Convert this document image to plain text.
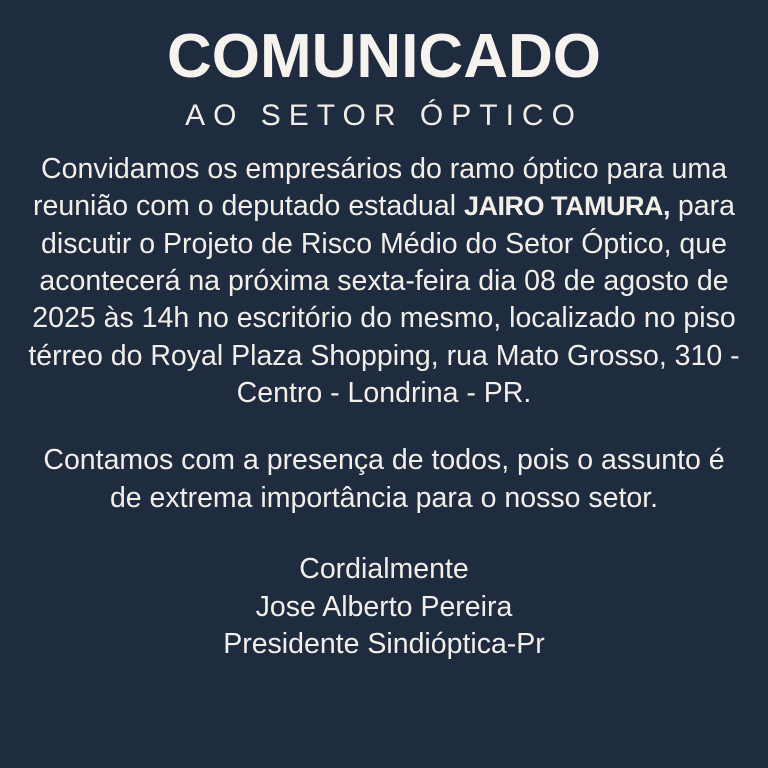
COMUNICADO
AO SETOR ÓPTICO
Convidamos os empresários do ramo óptico para uma reunião com o deputado estadual JAIRO TAMURA, para discutir o Projeto de Risco Médio do Setor Óptico, que acontecerá na próxima sexta-feira dia 08 de agosto de 2025 às 14h no escritório do mesmo, localizado no piso térreo do Royal Plaza Shopping, rua Mato Grosso, 310 - Centro - Londrina - PR.
Contamos com a presença de todos, pois o assunto é de extrema importância para o nosso setor.
Cordialmente
Jose Alberto Pereira
Presidente Sindióptica-Pr
